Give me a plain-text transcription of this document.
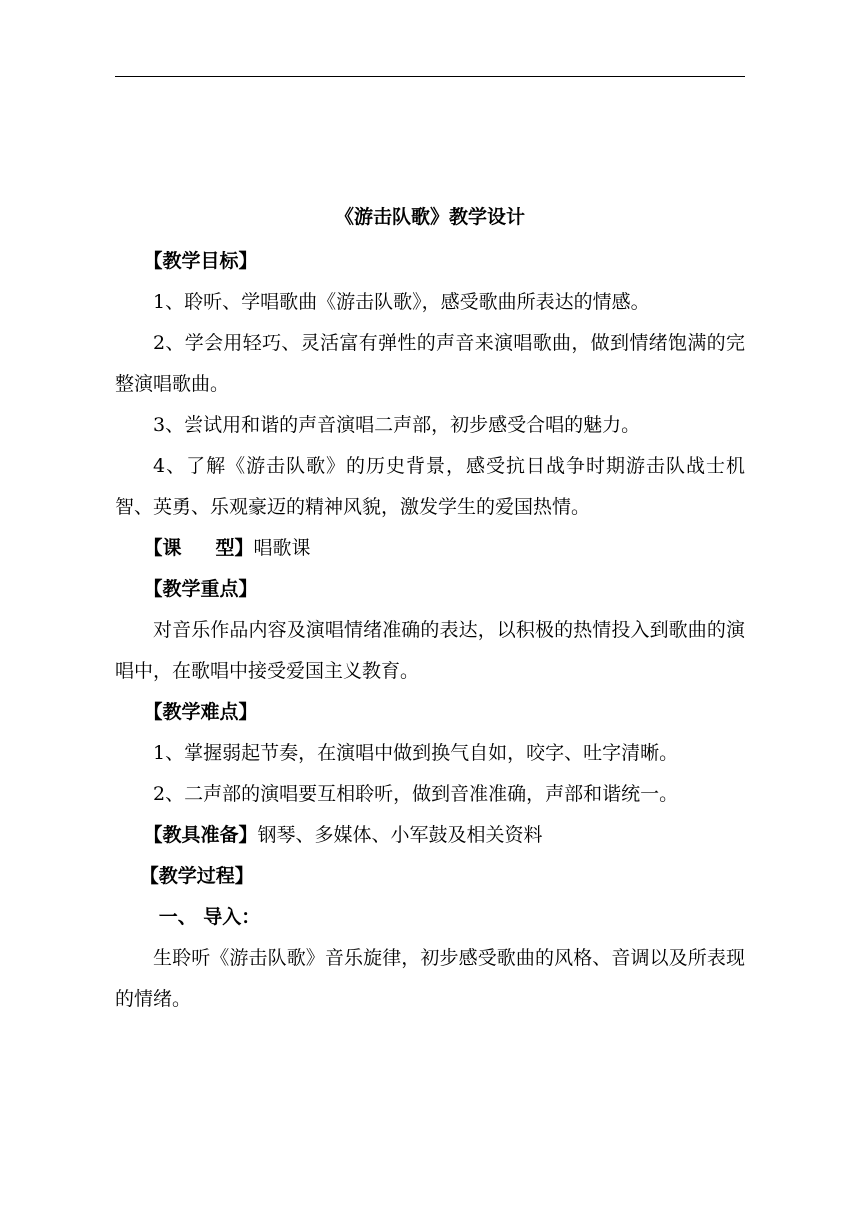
《游击队歌》教学设计

【教学目标】

1、聆听、学唱歌曲《游击队歌》，感受歌曲所表达的情感。

2、学会用轻巧、灵活富有弹性的声音来演唱歌曲，做到情绪饱满的完整演唱歌曲。

3、尝试用和谐的声音演唱二声部，初步感受合唱的魅力。

4、了解《游击队歌》的历史背景，感受抗日战争时期游击队战士机智、英勇、乐观豪迈的精神风貌，激发学生的爱国热情。

【课 型】唱歌课

【教学重点】

对音乐作品内容及演唱情绪准确的表达，以积极的热情投入到歌曲的演唱中，在歌唱中接受爱国主义教育。

【教学难点】

1、掌握弱起节奏，在演唱中做到换气自如，咬字、吐字清晰。

2、二声部的演唱要互相聆听，做到音准准确，声部和谐统一。

【教具准备】钢琴、多媒体、小军鼓及相关资料

【教学过程】

一、 导入：

生聆听《游击队歌》音乐旋律，初步感受歌曲的风格、音调以及所表现的情绪。
